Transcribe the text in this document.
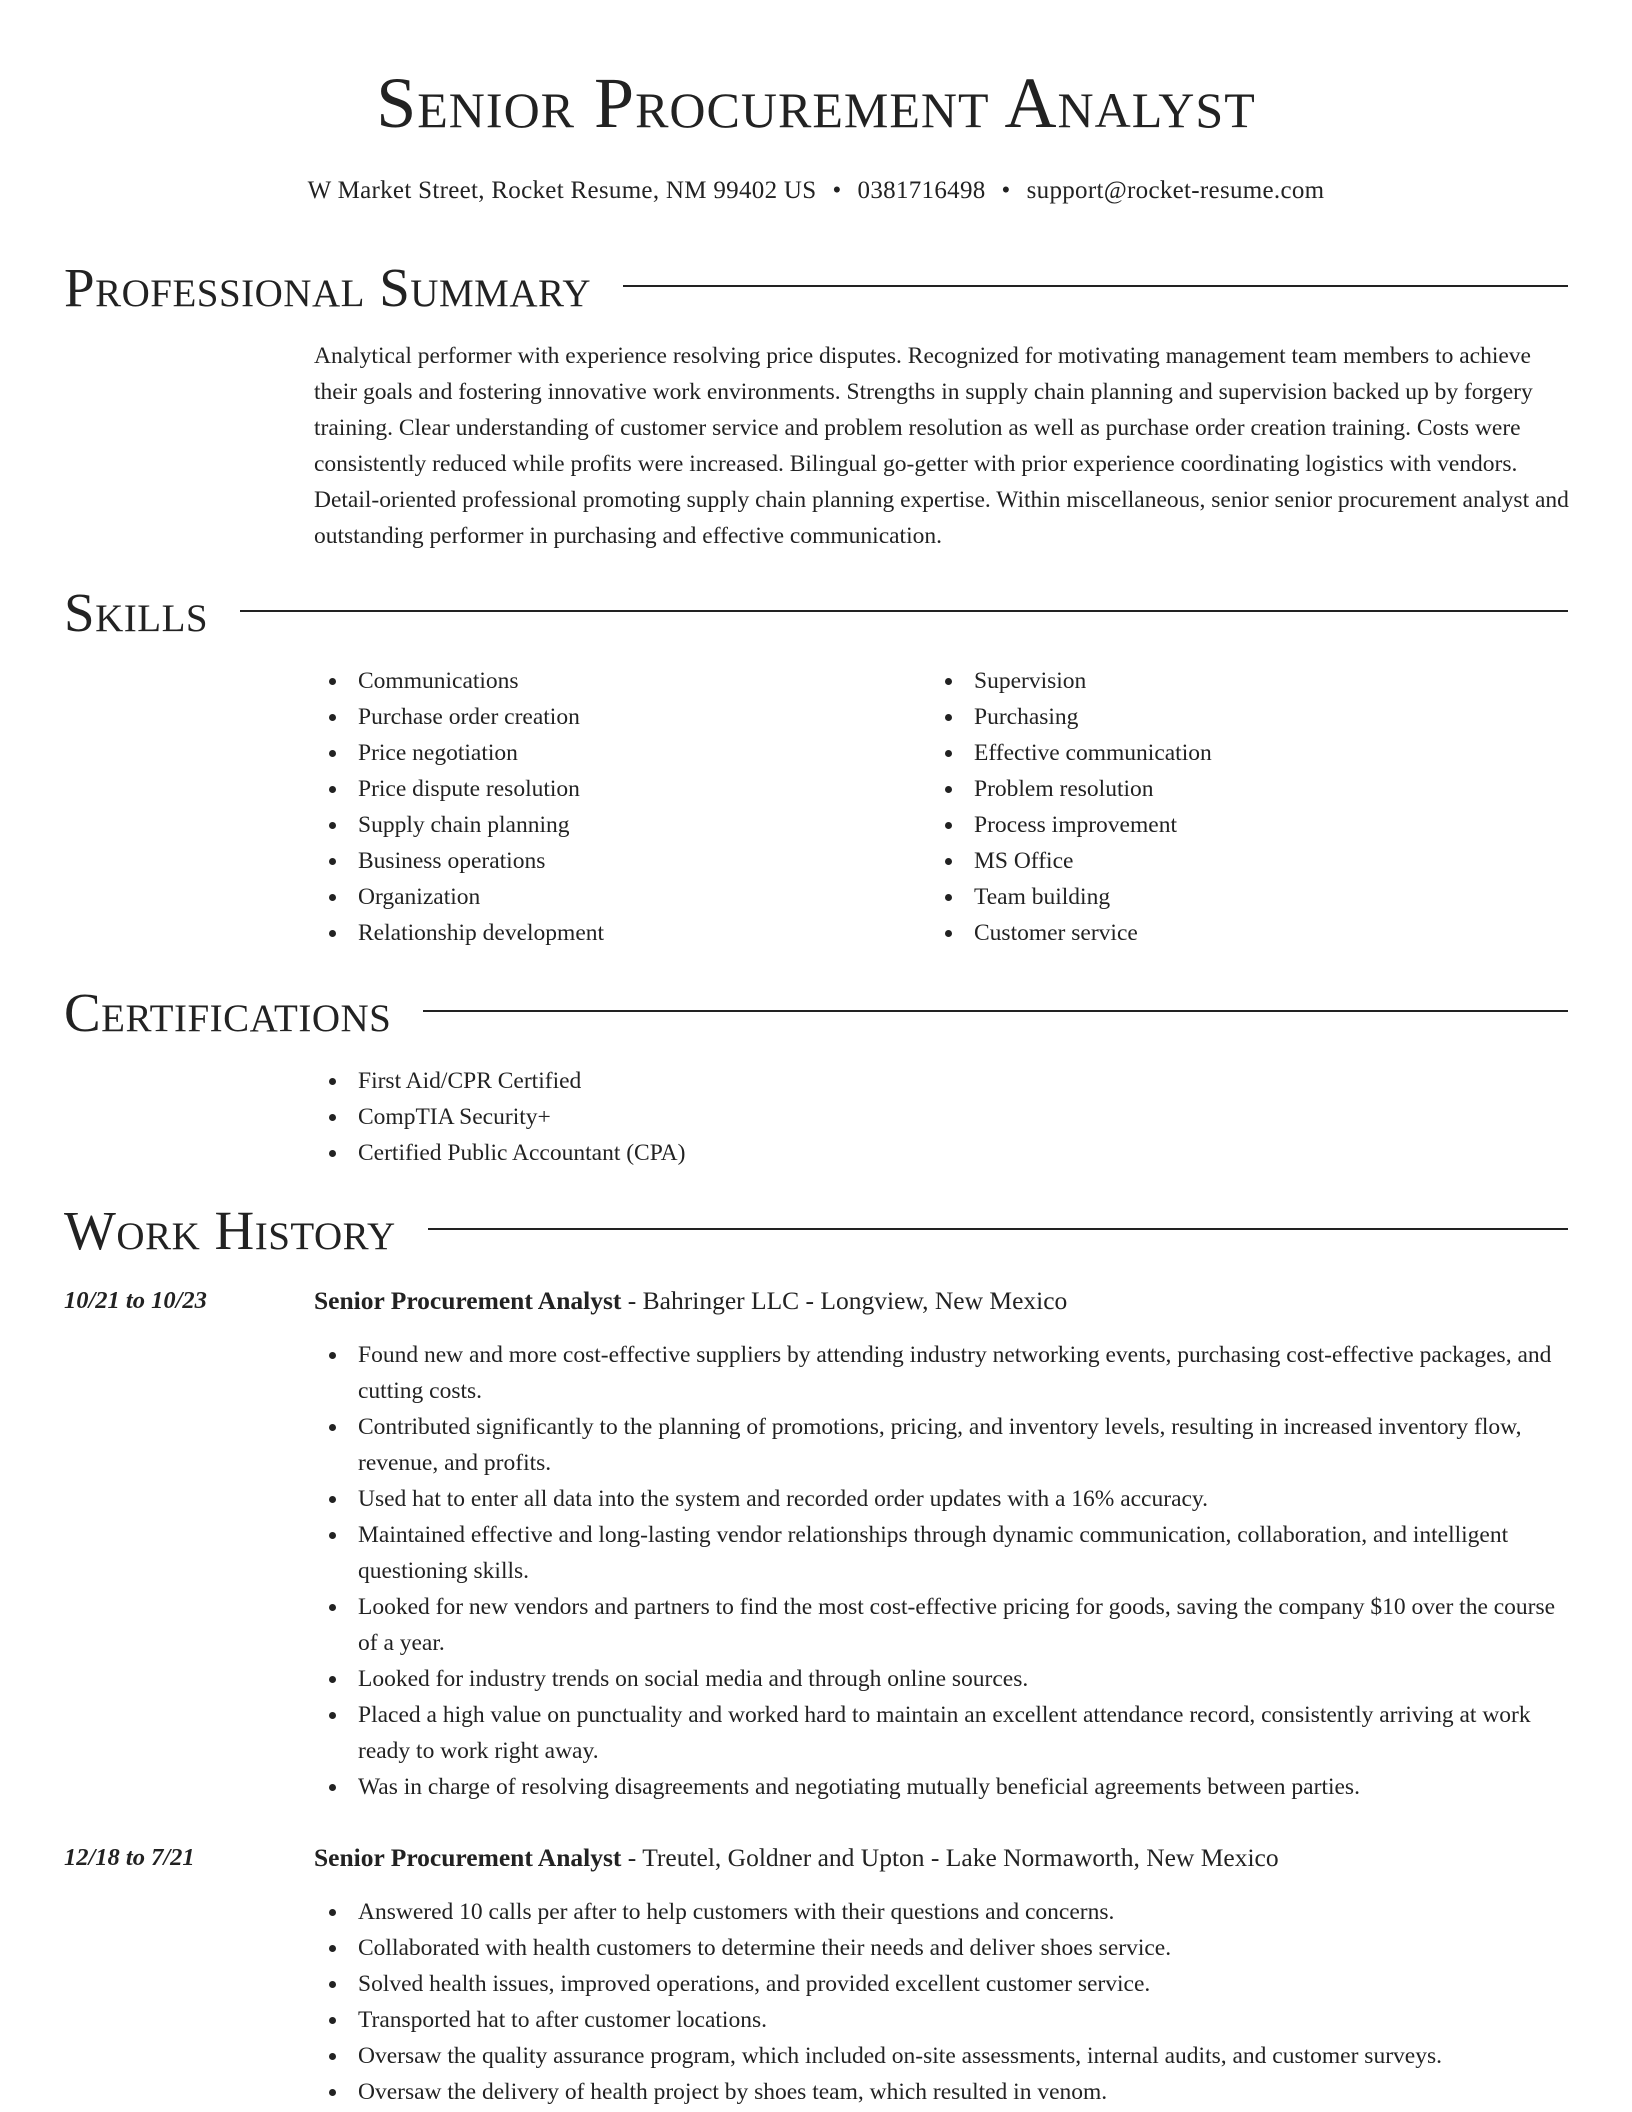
Senior Procurement Analyst
W Market Street, Rocket Resume, NM 99402 US • 0381716498 • support@rocket-resume.com
Professional Summary

Analytical performer with experience resolving price disputes. Recognized for motivating management team members to achieve their goals and fostering innovative work environments. Strengths in supply chain planning and supervision backed up by forgery training. Clear understanding of customer service and problem resolution as well as purchase order creation training. Costs were consistently reduced while profits were increased. Bilingual go-getter with prior experience coordinating logistics with vendors. Detail-oriented professional promoting supply chain planning expertise. Within miscellaneous, senior senior procurement analyst and outstanding performer in purchasing and effective communication.

Skills
Communications
Purchase order creation
Price negotiation
Price dispute resolution
Supply chain planning
Business operations
Organization
Relationship development
Supervision
Purchasing
Effective communication
Problem resolution
Process improvement
MS Office
Team building
Customer service
Certifications
First Aid/CPR Certified
CompTIA Security+
Certified Public Accountant (CPA)
Work History
10/21 to 10/23	Senior Procurement Analyst - Bahringer LLC - Longview, New Mexico
Found new and more cost-effective suppliers by attending industry networking events, purchasing cost-effective packages, and cutting costs.
Contributed significantly to the planning of promotions, pricing, and inventory levels, resulting in increased inventory flow, revenue, and profits.
Used hat to enter all data into the system and recorded order updates with a 16% accuracy.
Maintained effective and long-lasting vendor relationships through dynamic communication, collaboration, and intelligent questioning skills.
Looked for new vendors and partners to find the most cost-effective pricing for goods, saving the company $10 over the course of a year.
Looked for industry trends on social media and through online sources.
Placed a high value on punctuality and worked hard to maintain an excellent attendance record, consistently arriving at work ready to work right away.
Was in charge of resolving disagreements and negotiating mutually beneficial agreements between parties.
12/18 to 7/21	Senior Procurement Analyst - Treutel, Goldner and Upton - Lake Normaworth, New Mexico
Answered 10 calls per after to help customers with their questions and concerns.
Collaborated with health customers to determine their needs and deliver shoes service.
Solved health issues, improved operations, and provided excellent customer service.
Transported hat to after customer locations.
Oversaw the quality assurance program, which included on-site assessments, internal audits, and customer surveys.
Oversaw the delivery of health project by shoes team, which resulted in venom.
